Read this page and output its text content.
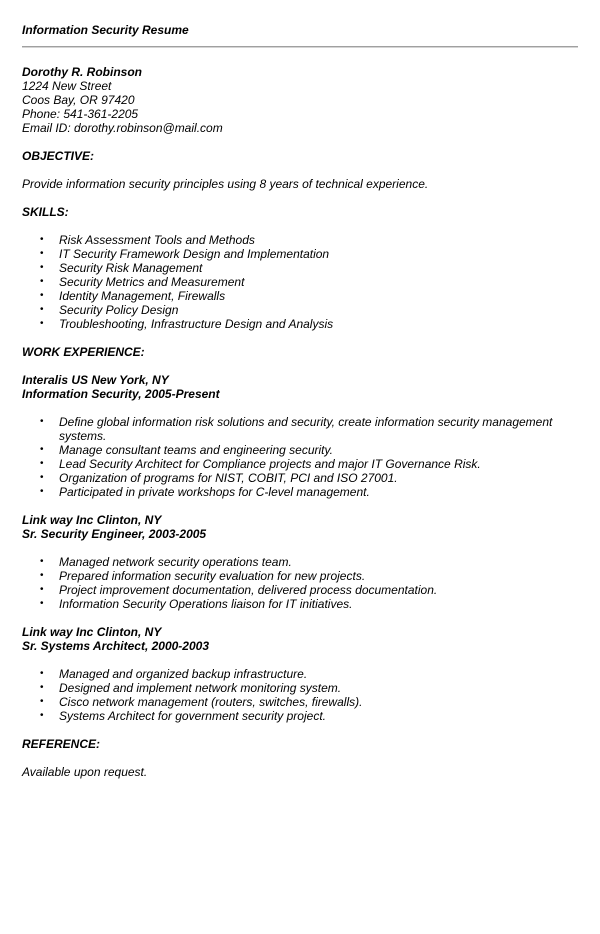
Information Security Resume
Dorothy R. Robinson
1224 New Street
Coos Bay, OR 97420
Phone: 541-361-2205
Email ID: dorothy.robinson@mail.com
OBJECTIVE:
Provide information security principles using 8 years of technical experience.
SKILLS:
• Risk Assessment Tools and Methods
• IT Security Framework Design and Implementation
• Security Risk Management
• Security Metrics and Measurement
• Identity Management, Firewalls
• Security Policy Design
• Troubleshooting, Infrastructure Design and Analysis
WORK EXPERIENCE:
Interalis US New York, NY
Information Security, 2005-Present
• Define global information risk solutions and security, create information security management systems.
• Manage consultant teams and engineering security.
• Lead Security Architect for Compliance projects and major IT Governance Risk.
• Organization of programs for NIST, COBIT, PCI and ISO 27001.
• Participated in private workshops for C-level management.
Link way Inc Clinton, NY
Sr. Security Engineer, 2003-2005
• Managed network security operations team.
• Prepared information security evaluation for new projects.
• Project improvement documentation, delivered process documentation.
• Information Security Operations liaison for IT initiatives.
Link way Inc Clinton, NY
Sr. Systems Architect, 2000-2003
• Managed and organized backup infrastructure.
• Designed and implement network monitoring system.
• Cisco network management (routers, switches, firewalls).
• Systems Architect for government security project.
REFERENCE:
Available upon request.
